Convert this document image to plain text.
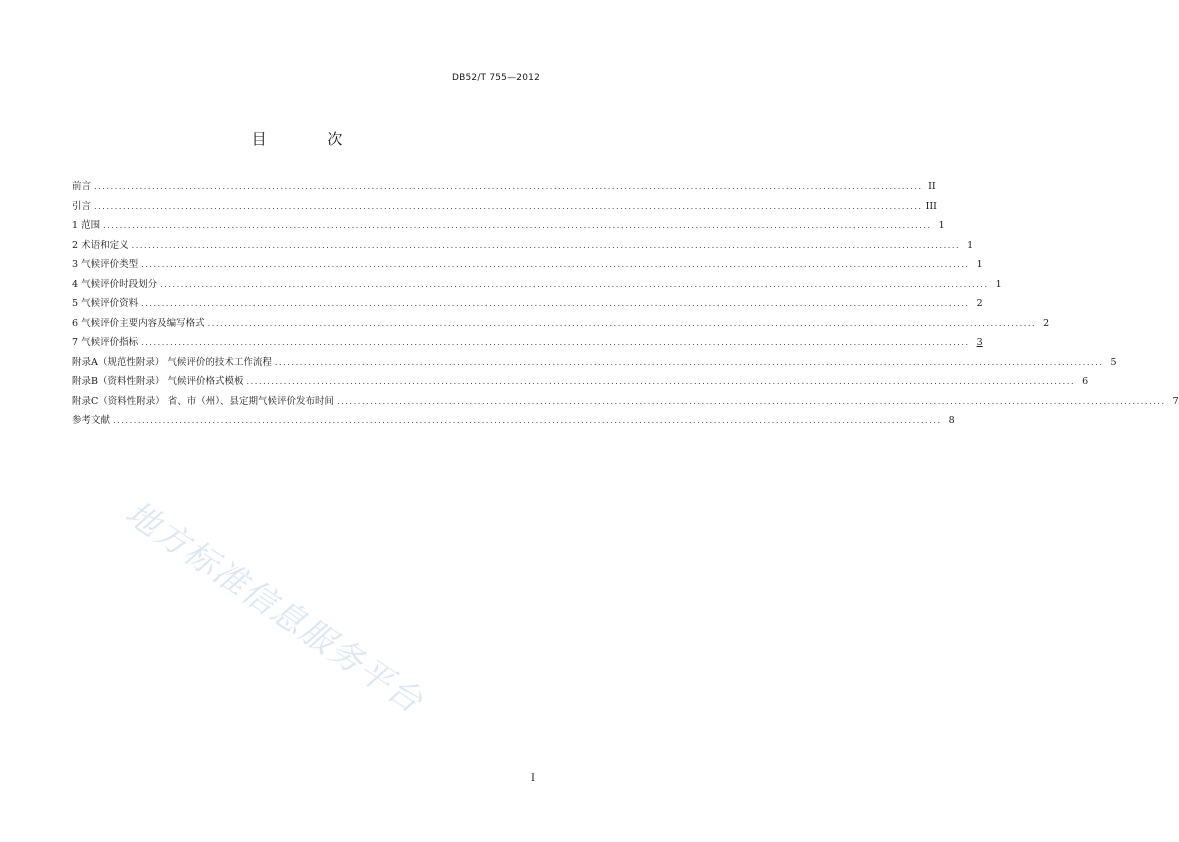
DB52/T 755—2012
目 次
前言 ........................................................................................................................................................................................................ II
引言 ........................................................................................................................................................................................................ III
1 范围 ........................................................................................................................................................................................................ 1
2 术语和定义 ........................................................................................................................................................................................................ 1
3 气候评价类型 ........................................................................................................................................................................................................ 1
4 气候评价时段划分 ........................................................................................................................................................................................................ 1
5 气候评价资料 ........................................................................................................................................................................................................ 2
6 气候评价主要内容及编写格式 ........................................................................................................................................................................................................ 2
7 气候评价指标 ........................................................................................................................................................................................................ 3
附录A（规范性附录） 气候评价的技术工作流程 ........................................................................................................................................................................................................ 5
附录B（资料性附录） 气候评价格式模板 ........................................................................................................................................................................................................ 6
附录C（资料性附录） 省、市（州）、县定期气候评价发布时间 ........................................................................................................................................................................................................ 7
参考文献 ........................................................................................................................................................................................................ 8
地方标准信息服务平台
I
